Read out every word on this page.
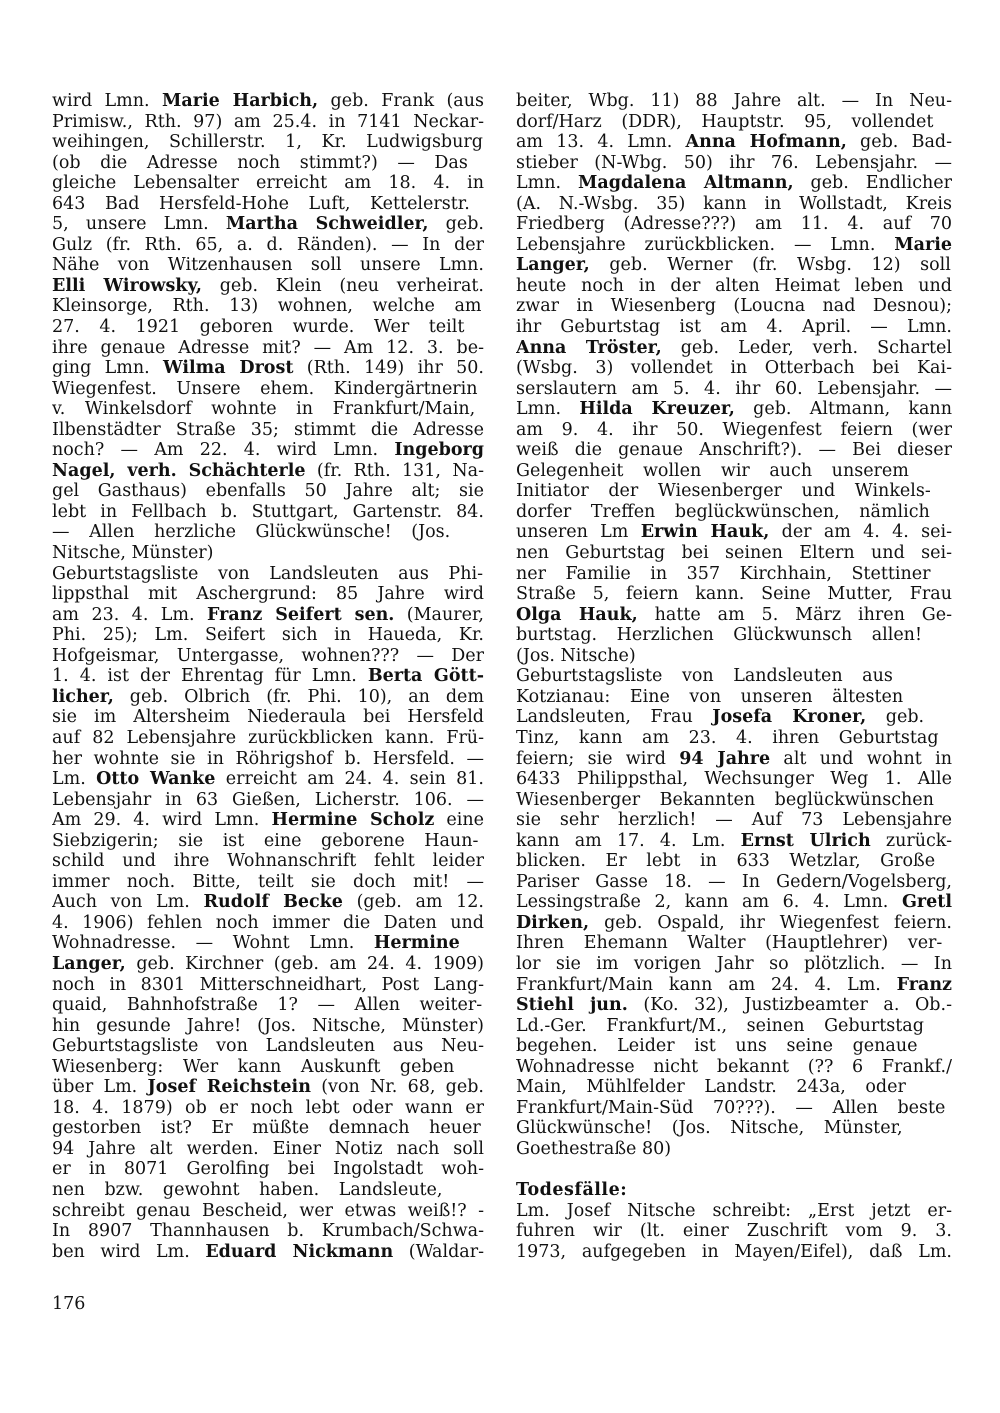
wird Lmn. Marie Harbich, geb. Frank (aus
Primisw., Rth. 97) am 25.4. in 7141 Neckar-
weihingen, Schillerstr. 1, Kr. Ludwigsburg
(ob die Adresse noch stimmt?) — Das
gleiche Lebensalter erreicht am 18. 4. in
643 Bad Hersfeld-Hohe Luft, Kettelerstr.
5, unsere Lmn. Martha Schweidler, geb.
Gulz (fr. Rth. 65, a. d. Ränden). — In der
Nähe von Witzenhausen soll unsere Lmn.
Elli Wirowsky, geb. Klein (neu verheirat.
Kleinsorge, Rth. 13) wohnen, welche am
27. 4. 1921 geboren wurde. Wer teilt
ihre genaue Adresse mit? — Am 12. 3. be-
ging Lmn. Wilma Drost (Rth. 149) ihr 50.
Wiegenfest. Unsere ehem. Kindergärtnerin
v. Winkelsdorf wohnte in Frankfurt/Main,
Ilbenstädter Straße 35; stimmt die Adresse
noch? — Am 22. 4. wird Lmn. Ingeborg
Nagel, verh. Schächterle (fr. Rth. 131, Na-
gel Gasthaus) ebenfalls 50 Jahre alt; sie
lebt in Fellbach b. Stuttgart, Gartenstr. 84.
— Allen herzliche Glückwünsche! (Jos.
Nitsche, Münster)
Geburtstagsliste von Landsleuten aus Phi-
lippsthal mit Aschergrund: 85 Jahre wird
am 23. 4. Lm. Franz Seifert sen. (Maurer,
Phi. 25); Lm. Seifert sich in Haueda, Kr.
Hofgeismar, Untergasse, wohnen??? — Der
1. 4. ist der Ehrentag für Lmn. Berta Gött-
licher, geb. Olbrich (fr. Phi. 10), an dem
sie im Altersheim Niederaula bei Hersfeld
auf 82 Lebensjahre zurückblicken kann. Frü-
her wohnte sie in Röhrigshof b. Hersfeld. —
Lm. Otto Wanke erreicht am 24. 4. sein 81.
Lebensjahr in 63 Gießen, Licherstr. 106. —
Am 29. 4. wird Lmn. Hermine Scholz eine
Siebzigerin; sie ist eine geborene Haun-
schild und ihre Wohnanschrift fehlt leider
immer noch. Bitte, teilt sie doch mit! —
Auch von Lm. Rudolf Becke (geb. am 12.
4. 1906) fehlen noch immer die Daten und
Wohnadresse. — Wohnt Lmn. Hermine
Langer, geb. Kirchner (geb. am 24. 4. 1909)
noch in 8301 Mitterschneidhart, Post Lang-
quaid, Bahnhofstraße 1? — Allen weiter-
hin gesunde Jahre! (Jos. Nitsche, Münster)
Geburtstagsliste von Landsleuten aus Neu-
Wiesenberg: Wer kann Auskunft geben
über Lm. Josef Reichstein (von Nr. 68, geb.
18. 4. 1879) ob er noch lebt oder wann er
gestorben ist? Er müßte demnach heuer
94 Jahre alt werden. Einer Notiz nach soll
er in 8071 Gerolfing bei Ingolstadt woh-
nen bzw. gewohnt haben. Landsleute,
schreibt genau Bescheid, wer etwas weiß!? -
In 8907 Thannhausen b. Krumbach/Schwa-
ben wird Lm. Eduard Nickmann (Waldar-
beiter, Wbg. 11) 88 Jahre alt. — In Neu-
dorf/Harz (DDR), Hauptstr. 95, vollendet
am 13. 4. Lmn. Anna Hofmann, geb. Bad-
stieber (N-Wbg. 50) ihr 76. Lebensjahr. —
Lmn. Magdalena Altmann, geb. Endlicher
(A. N.-Wsbg. 35) kann in Wollstadt, Kreis
Friedberg (Adresse???) am 11. 4. auf 70
Lebensjahre zurückblicken. — Lmn. Marie
Langer, geb. Werner (fr. Wsbg. 12) soll
heute noch in der alten Heimat leben und
zwar in Wiesenberg (Loucna nad Desnou);
ihr Geburtstag ist am 4. April. — Lmn.
Anna Tröster, geb. Leder, verh. Schartel
(Wsbg. 3) vollendet in Otterbach bei Kai-
serslautern am 5. 4. ihr 60. Lebensjahr. —
Lmn. Hilda Kreuzer, geb. Altmann, kann
am 9. 4. ihr 50. Wiegenfest feiern (wer
weiß die genaue Anschrift?). — Bei dieser
Gelegenheit wollen wir auch unserem
Initiator der Wiesenberger und Winkels-
dorfer Treffen beglückwünschen, nämlich
unseren Lm Erwin Hauk, der am 4. 4. sei-
nen Geburtstag bei seinen Eltern und sei-
ner Familie in 357 Kirchhain, Stettiner
Straße 5, feiern kann. Seine Mutter, Frau
Olga Hauk, hatte am 5. März ihren Ge-
burtstag. Herzlichen Glückwunsch allen!
(Jos. Nitsche)
Geburtstagsliste von Landsleuten aus
Kotzianau: Eine von unseren ältesten
Landsleuten, Frau Josefa Kroner, geb.
Tinz, kann am 23. 4. ihren Geburtstag
feiern; sie wird 94 Jahre alt und wohnt in
6433 Philippsthal, Wechsunger Weg 1. Alle
Wiesenberger Bekannten beglückwünschen
sie sehr herzlich! — Auf 73 Lebensjahre
kann am 17. 4. Lm. Ernst Ulrich zurück-
blicken. Er lebt in 633 Wetzlar, Große
Pariser Gasse 18. — In Gedern/Vogelsberg,
Lessingstraße 2, kann am 6. 4. Lmn. Gretl
Dirken, geb. Ospald, ihr Wiegenfest feiern.
Ihren Ehemann Walter (Hauptlehrer) ver-
lor sie im vorigen Jahr so plötzlich. — In
Frankfurt/Main kann am 24. 4. Lm. Franz
Stiehl jun. (Ko. 32), Justizbeamter a. Ob.-
Ld.-Ger. Frankfurt/M., seinen Geburtstag
begehen. Leider ist uns seine genaue
Wohnadresse nicht bekannt (?? 6 Frankf./
Main, Mühlfelder Landstr. 243a, oder
Frankfurt/Main-Süd 70???). — Allen beste
Glückwünsche! (Jos. Nitsche, Münster,
Goethestraße 80)
Todesfälle:
Lm. Josef Nitsche schreibt: „Erst jetzt er-
fuhren wir (lt. einer Zuschrift vom 9. 3.
1973, aufgegeben in Mayen/Eifel), daß Lm.
176
